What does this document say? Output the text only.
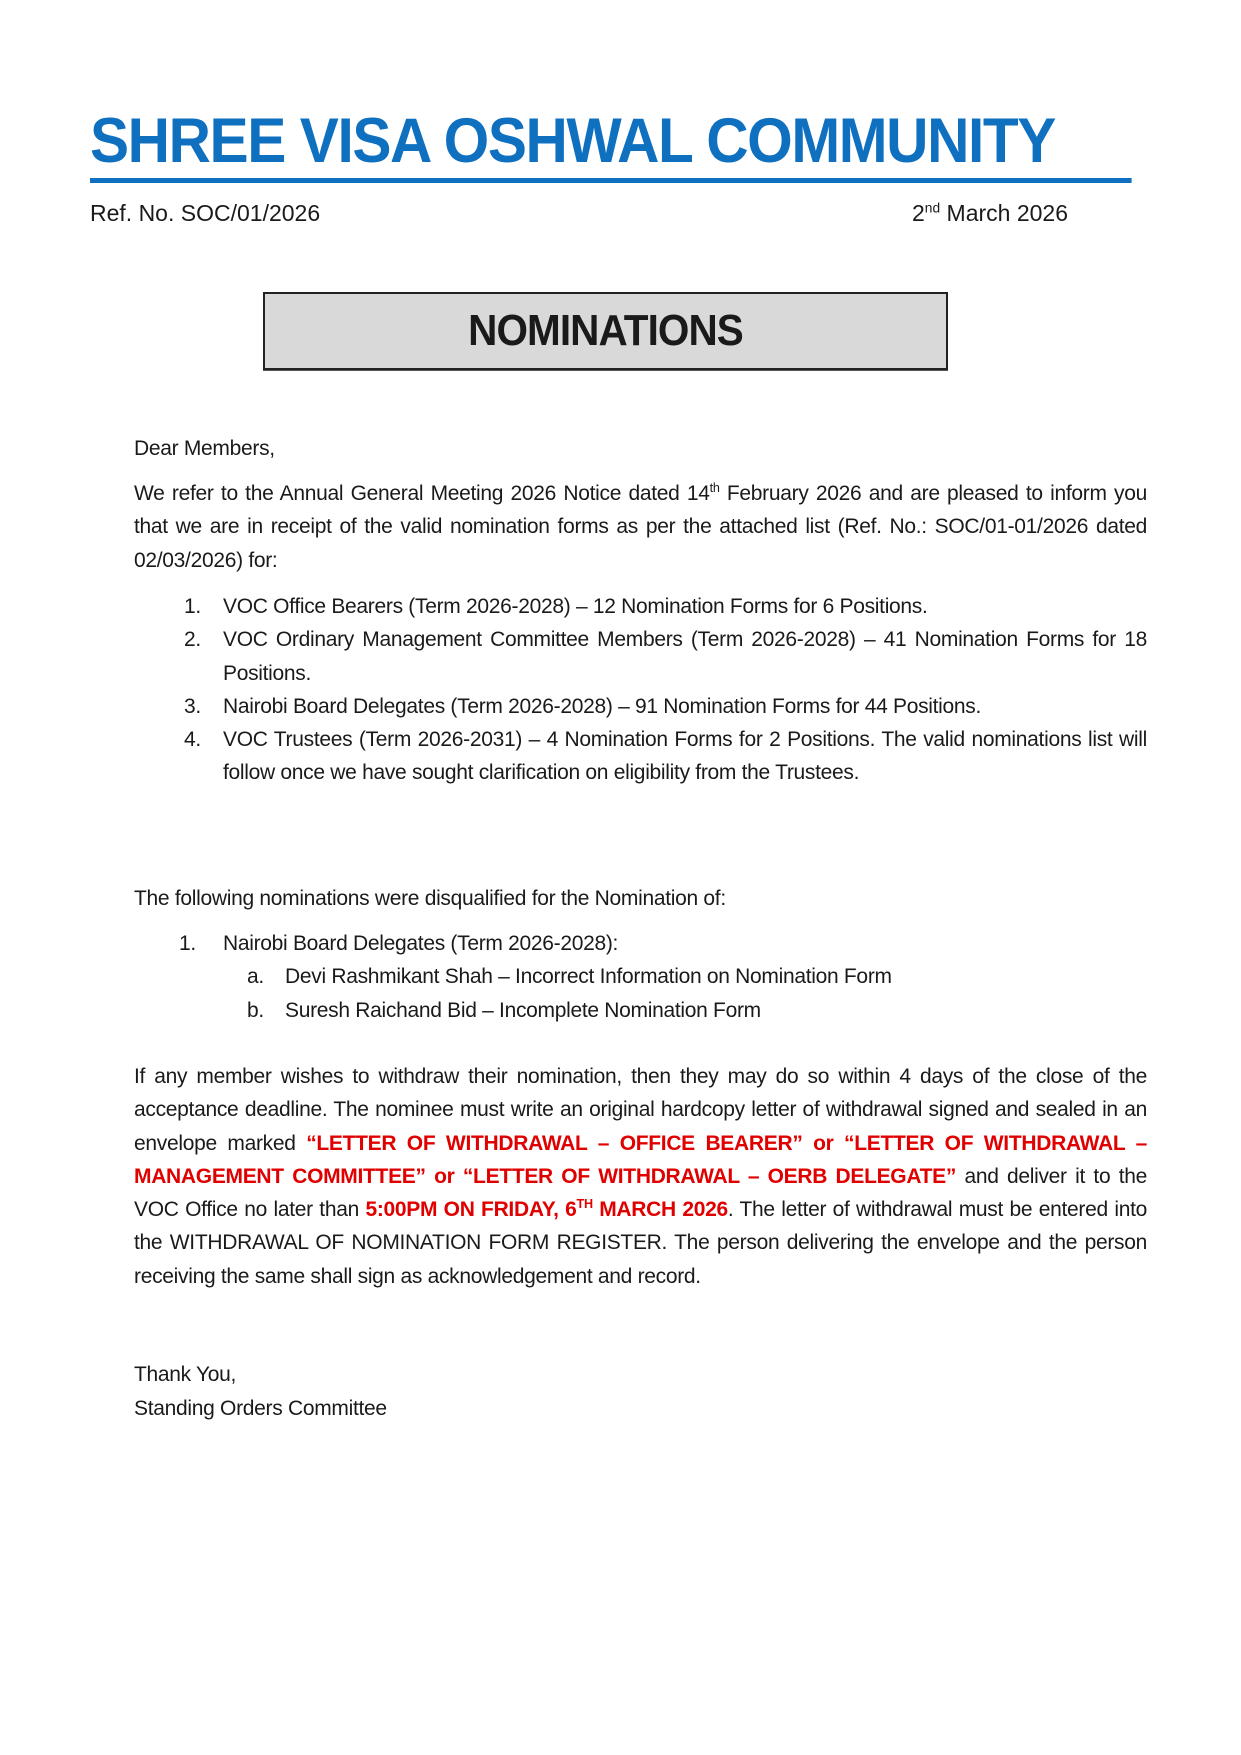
SHREE VISA OSHWAL COMMUNITY
Ref. No. SOC/01/2026	2nd March 2026
NOMINATIONS
Dear Members,
We refer to the Annual General Meeting 2026 Notice dated 14th February 2026 and are pleased to inform you that we are in receipt of the valid nomination forms as per the attached list (Ref. No.: SOC/01-01/2026 dated 02/03/2026) for:
1. VOC Office Bearers (Term 2026-2028) – 12 Nomination Forms for 6 Positions.
2. VOC Ordinary Management Committee Members (Term 2026-2028) – 41 Nomination Forms for 18 Positions.
3. Nairobi Board Delegates (Term 2026-2028) – 91 Nomination Forms for 44 Positions.
4. VOC Trustees (Term 2026-2031) – 4 Nomination Forms for 2 Positions. The valid nominations list will follow once we have sought clarification on eligibility from the Trustees.
The following nominations were disqualified for the Nomination of:
1. Nairobi Board Delegates (Term 2026-2028):
a. Devi Rashmikant Shah – Incorrect Information on Nomination Form
b. Suresh Raichand Bid – Incomplete Nomination Form
If any member wishes to withdraw their nomination, then they may do so within 4 days of the close of the acceptance deadline. The nominee must write an original hardcopy letter of withdrawal signed and sealed in an envelope marked “LETTER OF WITHDRAWAL – OFFICE BEARER” or “LETTER OF WITHDRAWAL – MANAGEMENT COMMITTEE” or “LETTER OF WITHDRAWAL – OERB DELEGATE” and deliver it to the VOC Office no later than 5:00PM ON FRIDAY, 6TH MARCH 2026. The letter of withdrawal must be entered into the WITHDRAWAL OF NOMINATION FORM REGISTER. The person delivering the envelope and the person receiving the same shall sign as acknowledgement and record.
Thank You,
Standing Orders Committee
